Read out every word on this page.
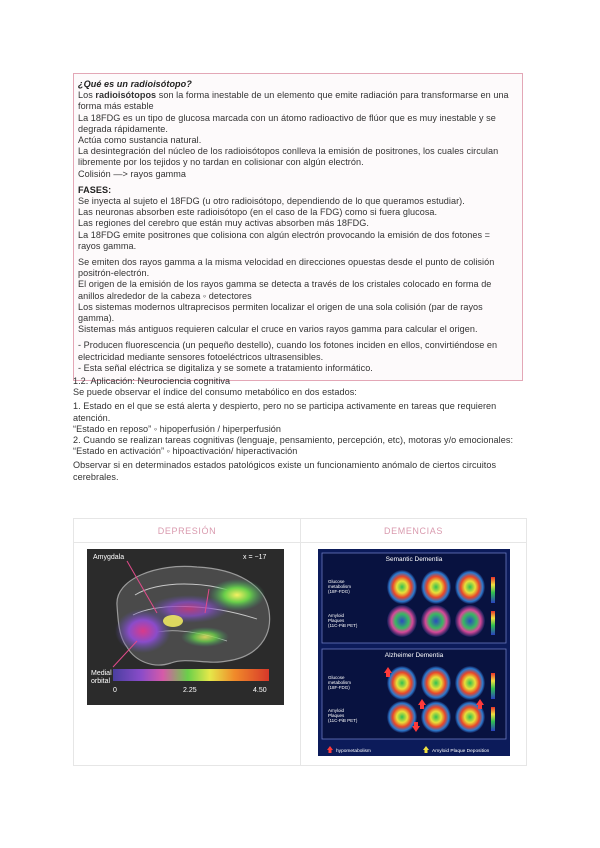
¿Qué es un radioisótopo?

Los radioisótopos son la forma inestable de un elemento que emite radiación para transformarse en una forma más estable

La 18FDG es un tipo de glucosa marcada con un átomo radioactivo de flúor que es muy inestable y se degrada rápidamente.

Actúa como sustancia natural.

La desintegración del núcleo de los radioisótopos conlleva la emisión de positrones, los cuales circulan libremente por los tejidos y no tardan en colisionar con algún electrón.

Colisión —> rayos gamma

FASES:

Se inyecta al sujeto el 18FDG (u otro radioisótopo, dependiendo de lo que queramos estudiar).

Las neuronas absorben este radioisótopo (en el caso de la FDG) como si fuera glucosa.

Las regiones del cerebro que están muy activas absorben más 18FDG.

La 18FDG emite positrones que colisiona con algún electrón provocando la emisión de dos fotones = rayos gamma.

Se emiten dos rayos gamma a la misma velocidad en direcciones opuestas desde el punto de colisión positrón-electrón.

El origen de la emisión de los rayos gamma se detecta a través de los cristales colocado en forma de anillos alrededor de la cabeza ◦ detectores

Los sistemas modernos ultraprecisos permiten localizar el origen de una sola colisión (par de rayos gamma).

Sistemas más antiguos requieren calcular el cruce en varios rayos gamma para calcular el origen.

- Producen fluorescencia (un pequeño destello), cuando los fotones inciden en ellos, convirtiéndose en electricidad mediante sensores fotoeléctricos ultrasensibles.

- Esta señal eléctrica se digitaliza y se somete a tratamiento informático.

1.2. Aplicación: Neurociencia cognitiva

Se puede observar el índice del consumo metabólico en dos estados:

1. Estado en el que se está alerta y despierto, pero no se participa activamente en tareas que requieren atención.

“Estado en reposo” ◦ hipoperfusión / hiperperfusión

2. Cuando se realizan tareas cognitivas (lenguaje, pensamiento, percepción, etc), motoras y/o emocionales:

“Estado en activación” ◦ hipoactivación/ hiperactivación

Observar si en determinados estados patológicos existe un funcionamiento anómalo de ciertos circuitos cerebrales.

DEPRESIÓN	DEMENCIAS
Amygdala	x = −17
Medial
orbital
0	2.25	4.50
Semantic Dementia
Glucose
metabolism
(18F-FDG)
Amyloid
Plaques
(11C-PiB PET)
Alzheimer Dementia
Glucose
metabolism
(18F-FDG)
Amyloid
Plaques
(11C-PiB PET)
hypometabolism	Amyloid Plaque Deposition
